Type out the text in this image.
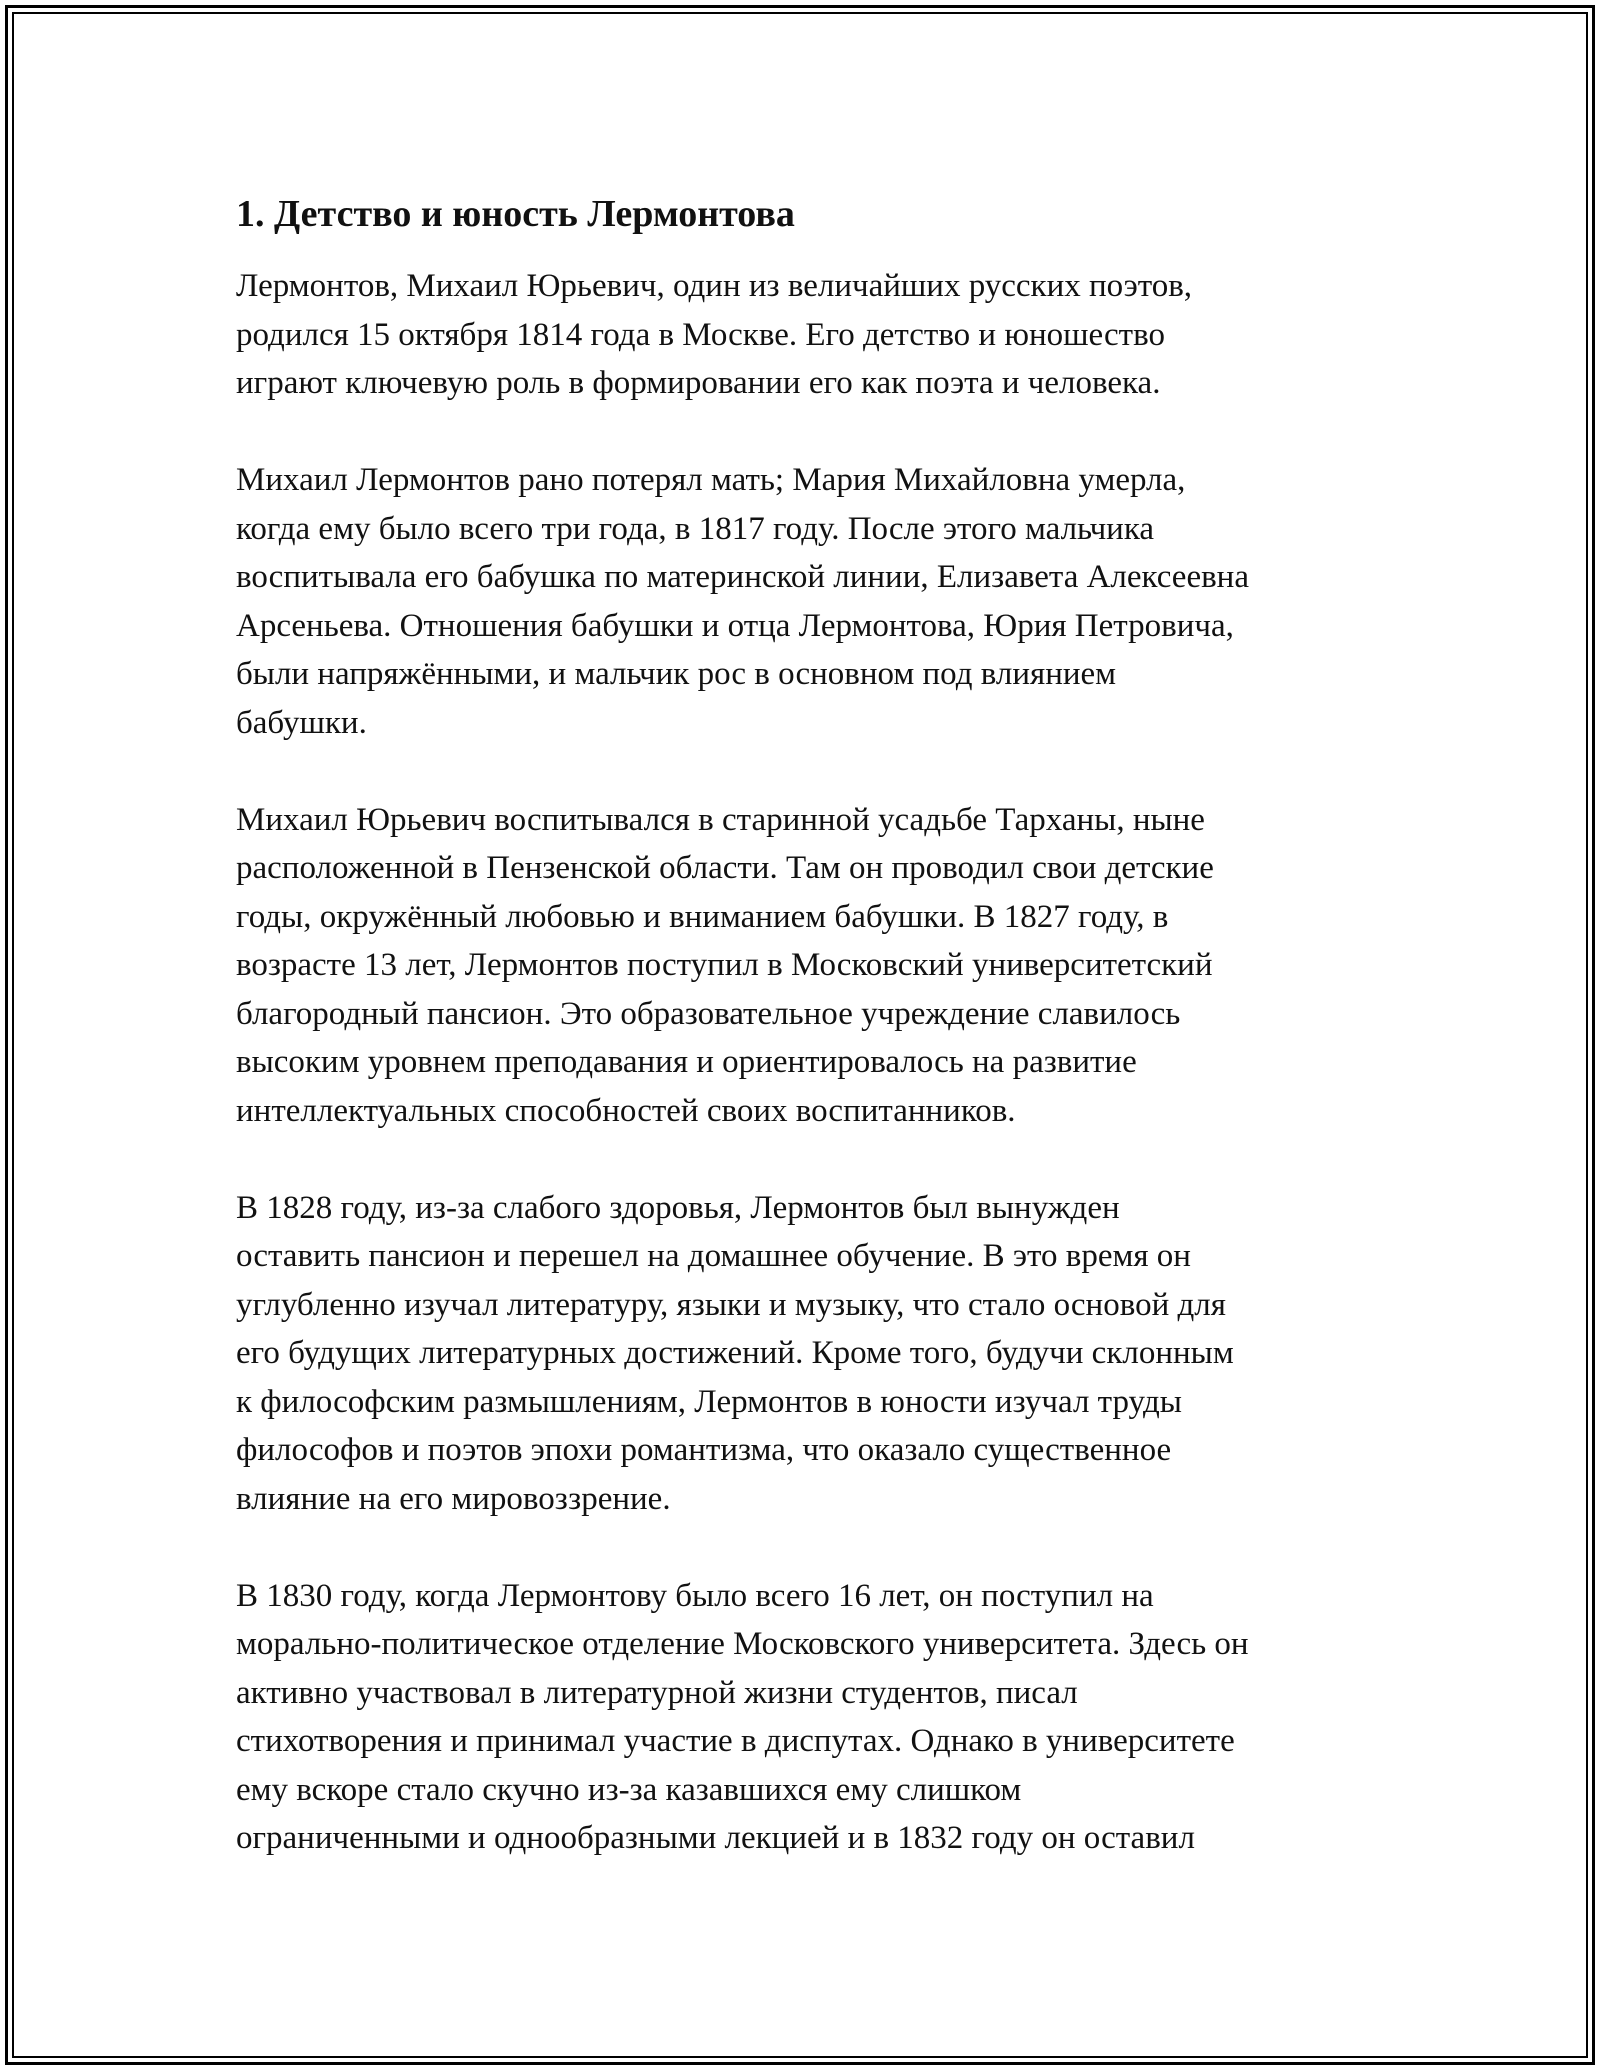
1. Детство и юность Лермонтова

Лермонтов, Михаил Юрьевич, один из величайших русских поэтов,
родился 15 октября 1814 года в Москве. Его детство и юношество
играют ключевую роль в формировании его как поэта и человека.

Михаил Лермонтов рано потерял мать; Мария Михайловна умерла,
когда ему было всего три года, в 1817 году. После этого мальчика
воспитывала его бабушка по материнской линии, Елизавета Алексеевна
Арсеньева. Отношения бабушки и отца Лермонтова, Юрия Петровича,
были напряжёнными, и мальчик рос в основном под влиянием
бабушки.

Михаил Юрьевич воспитывался в старинной усадьбе Тарханы, ныне
расположенной в Пензенской области. Там он проводил свои детские
годы, окружённый любовью и вниманием бабушки. В 1827 году, в
возрасте 13 лет, Лермонтов поступил в Московский университетский
благородный пансион. Это образовательное учреждение славилось
высоким уровнем преподавания и ориентировалось на развитие
интеллектуальных способностей своих воспитанников.

В 1828 году, из-за слабого здоровья, Лермонтов был вынужден
оставить пансион и перешел на домашнее обучение. В это время он
углубленно изучал литературу, языки и музыку, что стало основой для
его будущих литературных достижений. Кроме того, будучи склонным
к философским размышлениям, Лермонтов в юности изучал труды
философов и поэтов эпохи романтизма, что оказало существенное
влияние на его мировоззрение.

В 1830 году, когда Лермонтову было всего 16 лет, он поступил на
морально-политическое отделение Московского университета. Здесь он
активно участвовал в литературной жизни студентов, писал
стихотворения и принимал участие в диспутах. Однако в университете
ему вскоре стало скучно из-за казавшихся ему слишком
ограниченными и однообразными лекцией и в 1832 году он оставил
